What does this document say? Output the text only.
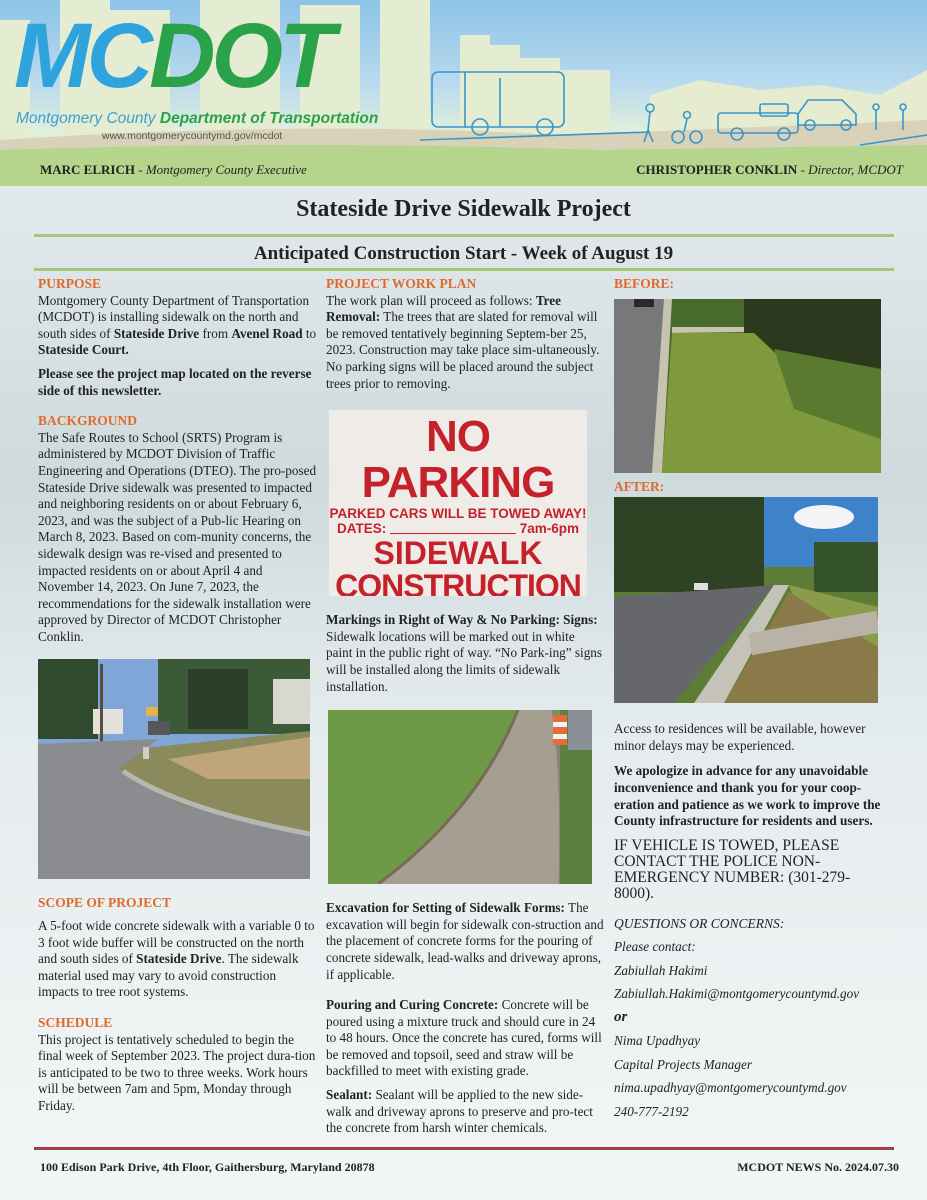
MCDOT
Montgomery County Department of Transportation
www.montgomerycountymd.gov/mcdot
MARC ELRICH - Montgomery County Executive	CHRISTOPHER CONKLIN - Director, MCDOT
Stateside Drive Sidewalk Project
Anticipated Construction Start - Week of August 19
PURPOSE

Montgomery County Department of Transportation (MCDOT) is installing sidewalk on the north and south sides of Stateside Drive from Avenel Road to Stateside Court.

Please see the project map located on the reverse side of this newsletter.

BACKGROUND

The Safe Routes to School (SRTS) Program is administered by MCDOT Division of Traffic Engineering and Operations (DTEO). The pro-posed Stateside Drive sidewalk was presented to impacted and neighboring residents on or about February 6, 2023, and was the subject of a Pub-lic Hearing on March 8, 2023. Based on com-munity concerns, the sidewalk design was re-vised and presented to impacted residents on or about April 4 and November 14, 2023. On June 7, 2023, the recommendations for the sidewalk installation were approved by Director of MCDOT Christopher Conklin.

SCOPE OF PROJECT

A 5-foot wide concrete sidewalk with a variable 0 to 3 foot wide buffer will be constructed on the north and south sides of Stateside Drive. The sidewalk material used may vary to avoid construction impacts to tree root systems.

SCHEDULE

This project is tentatively scheduled to begin the final week of September 2023. The project dura-tion is anticipated to be two to three weeks. Work hours will be between 7am and 5pm, Monday through Friday.

PROJECT WORK PLAN

The work plan will proceed as follows: Tree Removal: The trees that are slated for removal will be removed tentatively beginning Septem-ber 25, 2023. Construction may take place sim-ultaneously. No parking signs will be placed around the subject trees prior to removing.

NO PARKING
PARKED CARS WILL BE TOWED AWAY!
DATES:	7am-6pm
SIDEWALK
CONSTRUCTION

Markings in Right of Way & No Parking: Signs: Sidewalk locations will be marked out in white paint in the public right of way. “No Park-ing” signs will be installed along the limits of sidewalk installation.

Excavation for Setting of Sidewalk Forms: The excavation will begin for sidewalk con-struction and the placement of concrete forms for the pouring of concrete sidewalk, lead-walks and driveway aprons, if applicable.

Pouring and Curing Concrete: Concrete will be poured using a mixture truck and should cure in 24 to 48 hours. Once the concrete has cured, forms will be removed and topsoil, seed and straw will be backfilled to meet with existing grade.

Sealant: Sealant will be applied to the new side-walk and driveway aprons to preserve and pro-tect the concrete from harsh winter chemicals.

BEFORE:
AFTER:

Access to residences will be available, however minor delays may be experienced.

We apologize in advance for any unavoidable inconvenience and thank you for your coop-eration and patience as we work to improve the County infrastructure for residents and users.

IF VEHICLE IS TOWED, PLEASE CONTACT THE POLICE NON-EMERGENCY NUMBER: (301-279-8000).

QUESTIONS OR CONCERNS:

Please contact:

Zabiullah Hakimi

Zabiullah.Hakimi@montgomerycountymd.gov

or

Nima Upadhyay

Capital Projects Manager

nima.upadhyay@montgomerycountymd.gov

240-777-2192

100 Edison Park Drive, 4th Floor, Gaithersburg, Maryland 20878	MCDOT NEWS No. 2024.07.30
